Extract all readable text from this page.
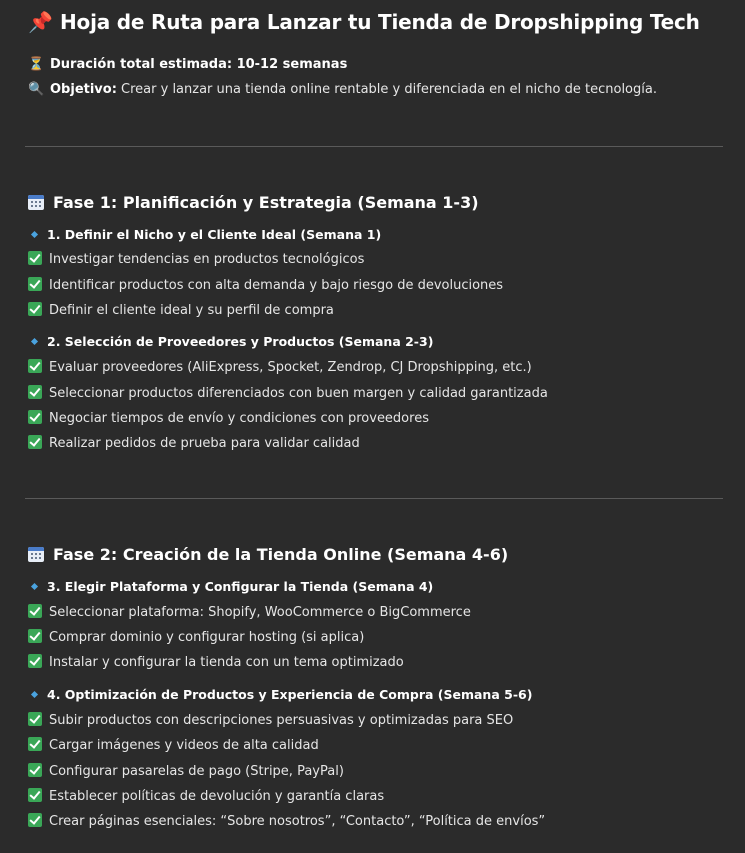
📌 Hoja de Ruta para Lanzar tu Tienda de Dropshipping Tech
⏳ Duración total estimada: 10-12 semanas
🔍 Objetivo: Crear y lanzar una tienda online rentable y diferenciada en el nicho de tecnología.
Fase 1: Planificación y Estrategia (Semana 1-3)
1. Definir el Nicho y el Cliente Ideal (Semana 1)
Investigar tendencias en productos tecnológicos
Identificar productos con alta demanda y bajo riesgo de devoluciones
Definir el cliente ideal y su perfil de compra
2. Selección de Proveedores y Productos (Semana 2-3)
Evaluar proveedores (AliExpress, Spocket, Zendrop, CJ Dropshipping, etc.)
Seleccionar productos diferenciados con buen margen y calidad garantizada
Negociar tiempos de envío y condiciones con proveedores
Realizar pedidos de prueba para validar calidad
Fase 2: Creación de la Tienda Online (Semana 4-6)
3. Elegir Plataforma y Configurar la Tienda (Semana 4)
Seleccionar plataforma: Shopify, WooCommerce o BigCommerce
Comprar dominio y configurar hosting (si aplica)
Instalar y configurar la tienda con un tema optimizado
4. Optimización de Productos y Experiencia de Compra (Semana 5-6)
Subir productos con descripciones persuasivas y optimizadas para SEO
Cargar imágenes y videos de alta calidad
Configurar pasarelas de pago (Stripe, PayPal)
Establecer políticas de devolución y garantía claras
Crear páginas esenciales: “Sobre nosotros”, “Contacto”, “Política de envíos”
